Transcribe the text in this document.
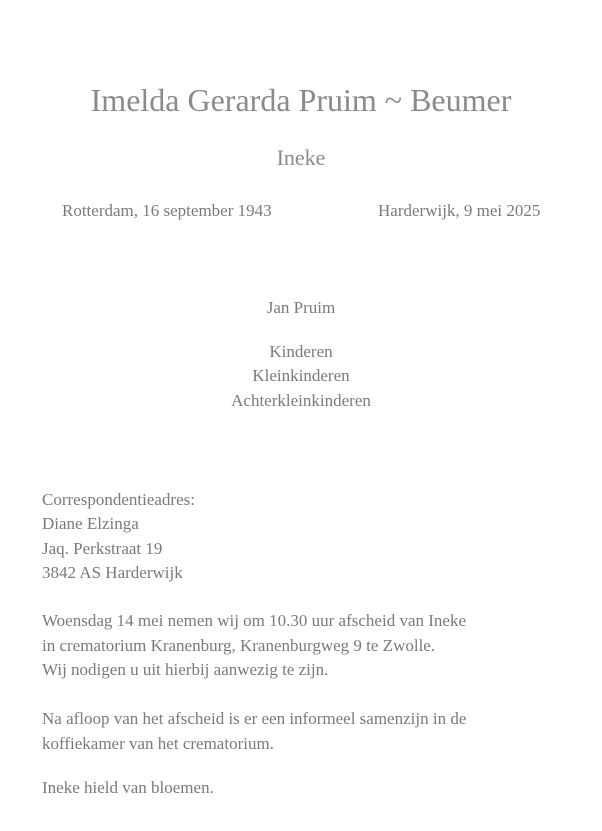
Imelda Gerarda Pruim ~ Beumer
Ineke
Rotterdam, 16 september 1943	Harderwijk, 9 mei 2025
Jan Pruim
Kinderen
Kleinkinderen
Achterkleinkinderen
Correspondentieadres:
Diane Elzinga
Jaq. Perkstraat 19
3842 AS Harderwijk
Woensdag 14 mei nemen wij om 10.30 uur afscheid van Ineke
in crematorium Kranenburg, Kranenburgweg 9 te Zwolle.
Wij nodigen u uit hierbij aanwezig te zijn.
Na afloop van het afscheid is er een informeel samenzijn in de
koffiekamer van het crematorium.
Ineke hield van bloemen.
